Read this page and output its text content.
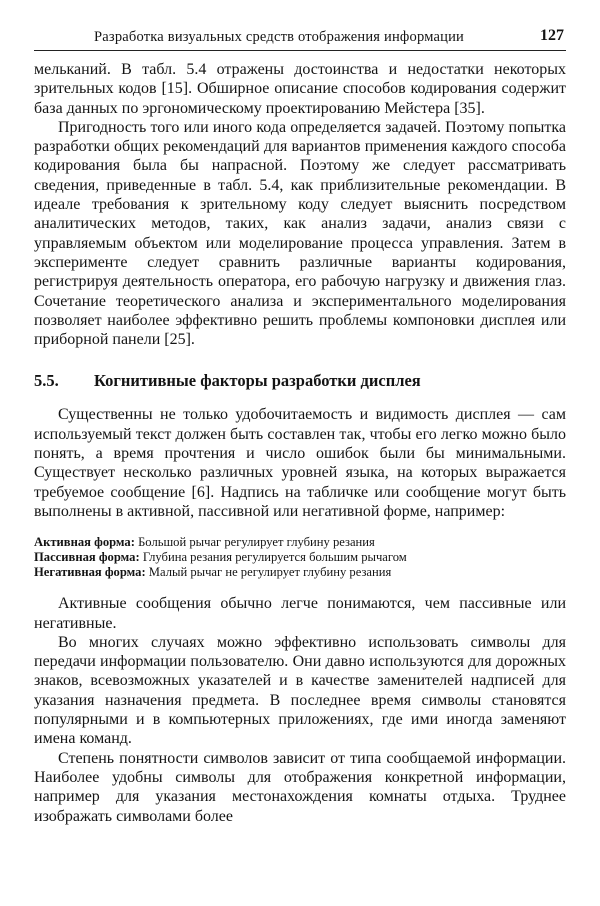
Разработка визуальных средств отображения информации	127

мельканий. В табл. 5.4 отражены достоинства и недостатки некоторых зрительных кодов [15]. Обширное описание способов кодирования содержит база данных по эргономическому проектированию Мейстера [35].

Пригодность того или иного кода определяется задачей. Поэтому попытка разработки общих рекомендаций для вариантов применения каждого способа кодирования была бы напрасной. Поэтому же следует рассматривать сведения, приведенные в табл. 5.4, как приблизительные рекомендации. В идеале требования к зрительному коду следует выяснить посредством аналитических методов, таких, как анализ задачи, анализ связи с управляемым объектом или моделирование процесса управления. Затем в эксперименте следует сравнить различные варианты кодирования, регистрируя деятельность оператора, его рабочую нагрузку и движения глаз. Сочетание теоретического анализа и экспериментального моделирования позволяет наиболее эффективно решить проблемы компоновки дисплея или приборной панели [25].

5.5. Когнитивные факторы разработки дисплея

Существенны не только удобочитаемость и видимость дисплея — сам используемый текст должен быть составлен так, чтобы его легко можно было понять, а время прочтения и число ошибок были бы минимальными. Существует несколько различных уровней языка, на которых выражается требуемое сообщение [6]. Надпись на табличке или сообщение могут быть выполнены в активной, пассивной или негативной форме, например:

Активная форма: Большой рычаг регулирует глубину резания
Пассивная форма: Глубина резания регулируется большим рычагом
Негативная форма: Малый рычаг не регулирует глубину резания

Активные сообщения обычно легче понимаются, чем пассивные или негативные.

Во многих случаях можно эффективно использовать символы для передачи информации пользователю. Они давно используются для дорожных знаков, всевозможных указателей и в качестве заменителей надписей для указания назначения предмета. В последнее время символы становятся популярными и в компьютерных приложениях, где ими иногда заменяют имена команд.

Степень понятности символов зависит от типа сообщаемой информации. Наиболее удобны символы для отображения конкретной информации, например для указания местонахождения комнаты отдыха. Труднее изображать символами более
